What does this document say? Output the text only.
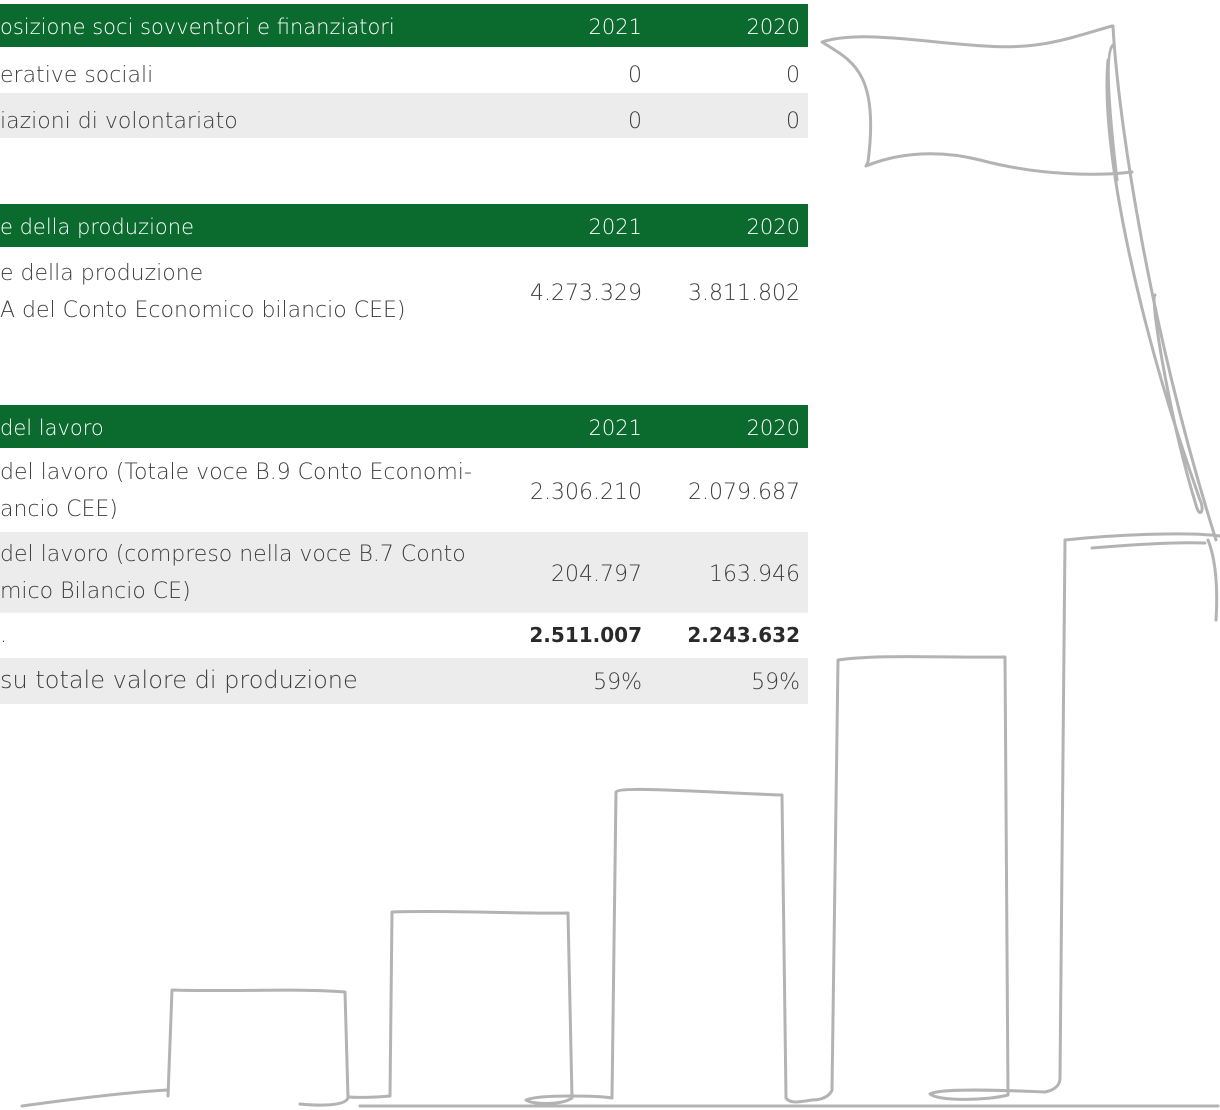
osizione soci sovventori e finanziatori	2021	2020
erative sociali	0	0
iazioni di volontariato	0	0
e della produzione	2021	2020
e della produzione
A del Conto Economico bilancio CEE)
4.273.329 3.811.802
del lavoro	2021	2020
del lavoro (Totale voce B.9 Conto Economi-
ancio CEE)
2.306.210 2.079.687
del lavoro (compreso nella voce B.7 Conto
mico Bilancio CE)
204.797	163.946
.	2.511.007 2.243.632
su totale valore di produzione	59%	59%
